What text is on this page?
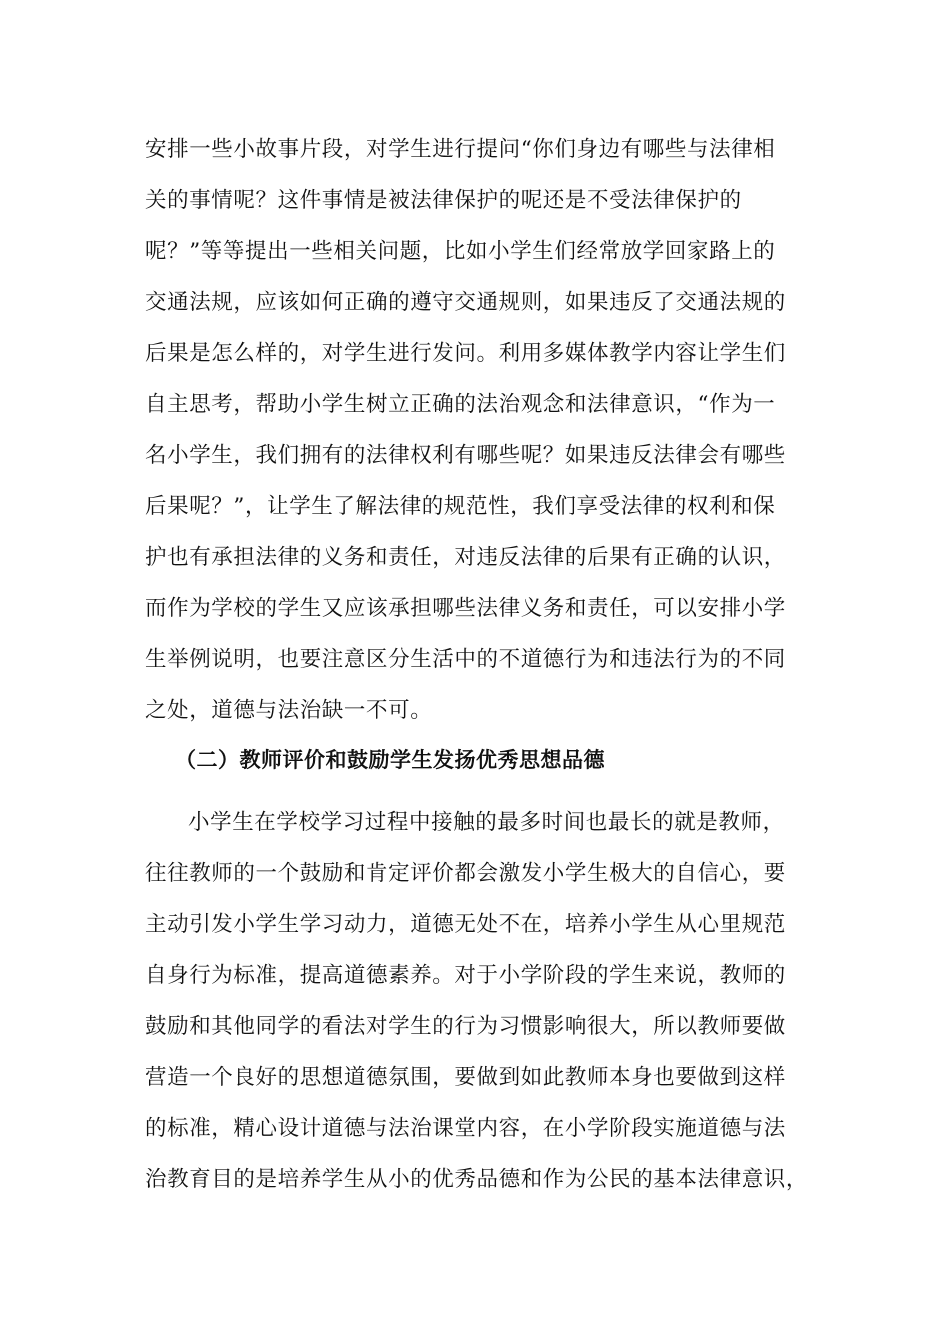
安排一些小故事片段，对学生进行提问“你们身边有哪些与法律相
关的事情呢？这件事情是被法律保护的呢还是不受法律保护的
呢？”等等提出一些相关问题，比如小学生们经常放学回家路上的
交通法规，应该如何正确的遵守交通规则，如果违反了交通法规的
后果是怎么样的，对学生进行发问。利用多媒体教学内容让学生们
自主思考，帮助小学生树立正确的法治观念和法律意识，“作为一
名小学生，我们拥有的法律权利有哪些呢？如果违反法律会有哪些
后果呢？”，让学生了解法律的规范性，我们享受法律的权利和保
护也有承担法律的义务和责任，对违反法律的后果有正确的认识，
而作为学校的学生又应该承担哪些法律义务和责任，可以安排小学
生举例说明，也要注意区分生活中的不道德行为和违法行为的不同
之处，道德与法治缺一不可。
（二）教师评价和鼓励学生发扬优秀思想品德
小学生在学校学习过程中接触的最多时间也最长的就是教师，
往往教师的一个鼓励和肯定评价都会激发小学生极大的自信心，要
主动引发小学生学习动力，道德无处不在，培养小学生从心里规范
自身行为标准，提高道德素养。对于小学阶段的学生来说，教师的
鼓励和其他同学的看法对学生的行为习惯影响很大，所以教师要做
营造一个良好的思想道德氛围，要做到如此教师本身也要做到这样
的标准，精心设计道德与法治课堂内容，在小学阶段实施道德与法
治教育目的是培养学生从小的优秀品德和作为公民的基本法律意识，
